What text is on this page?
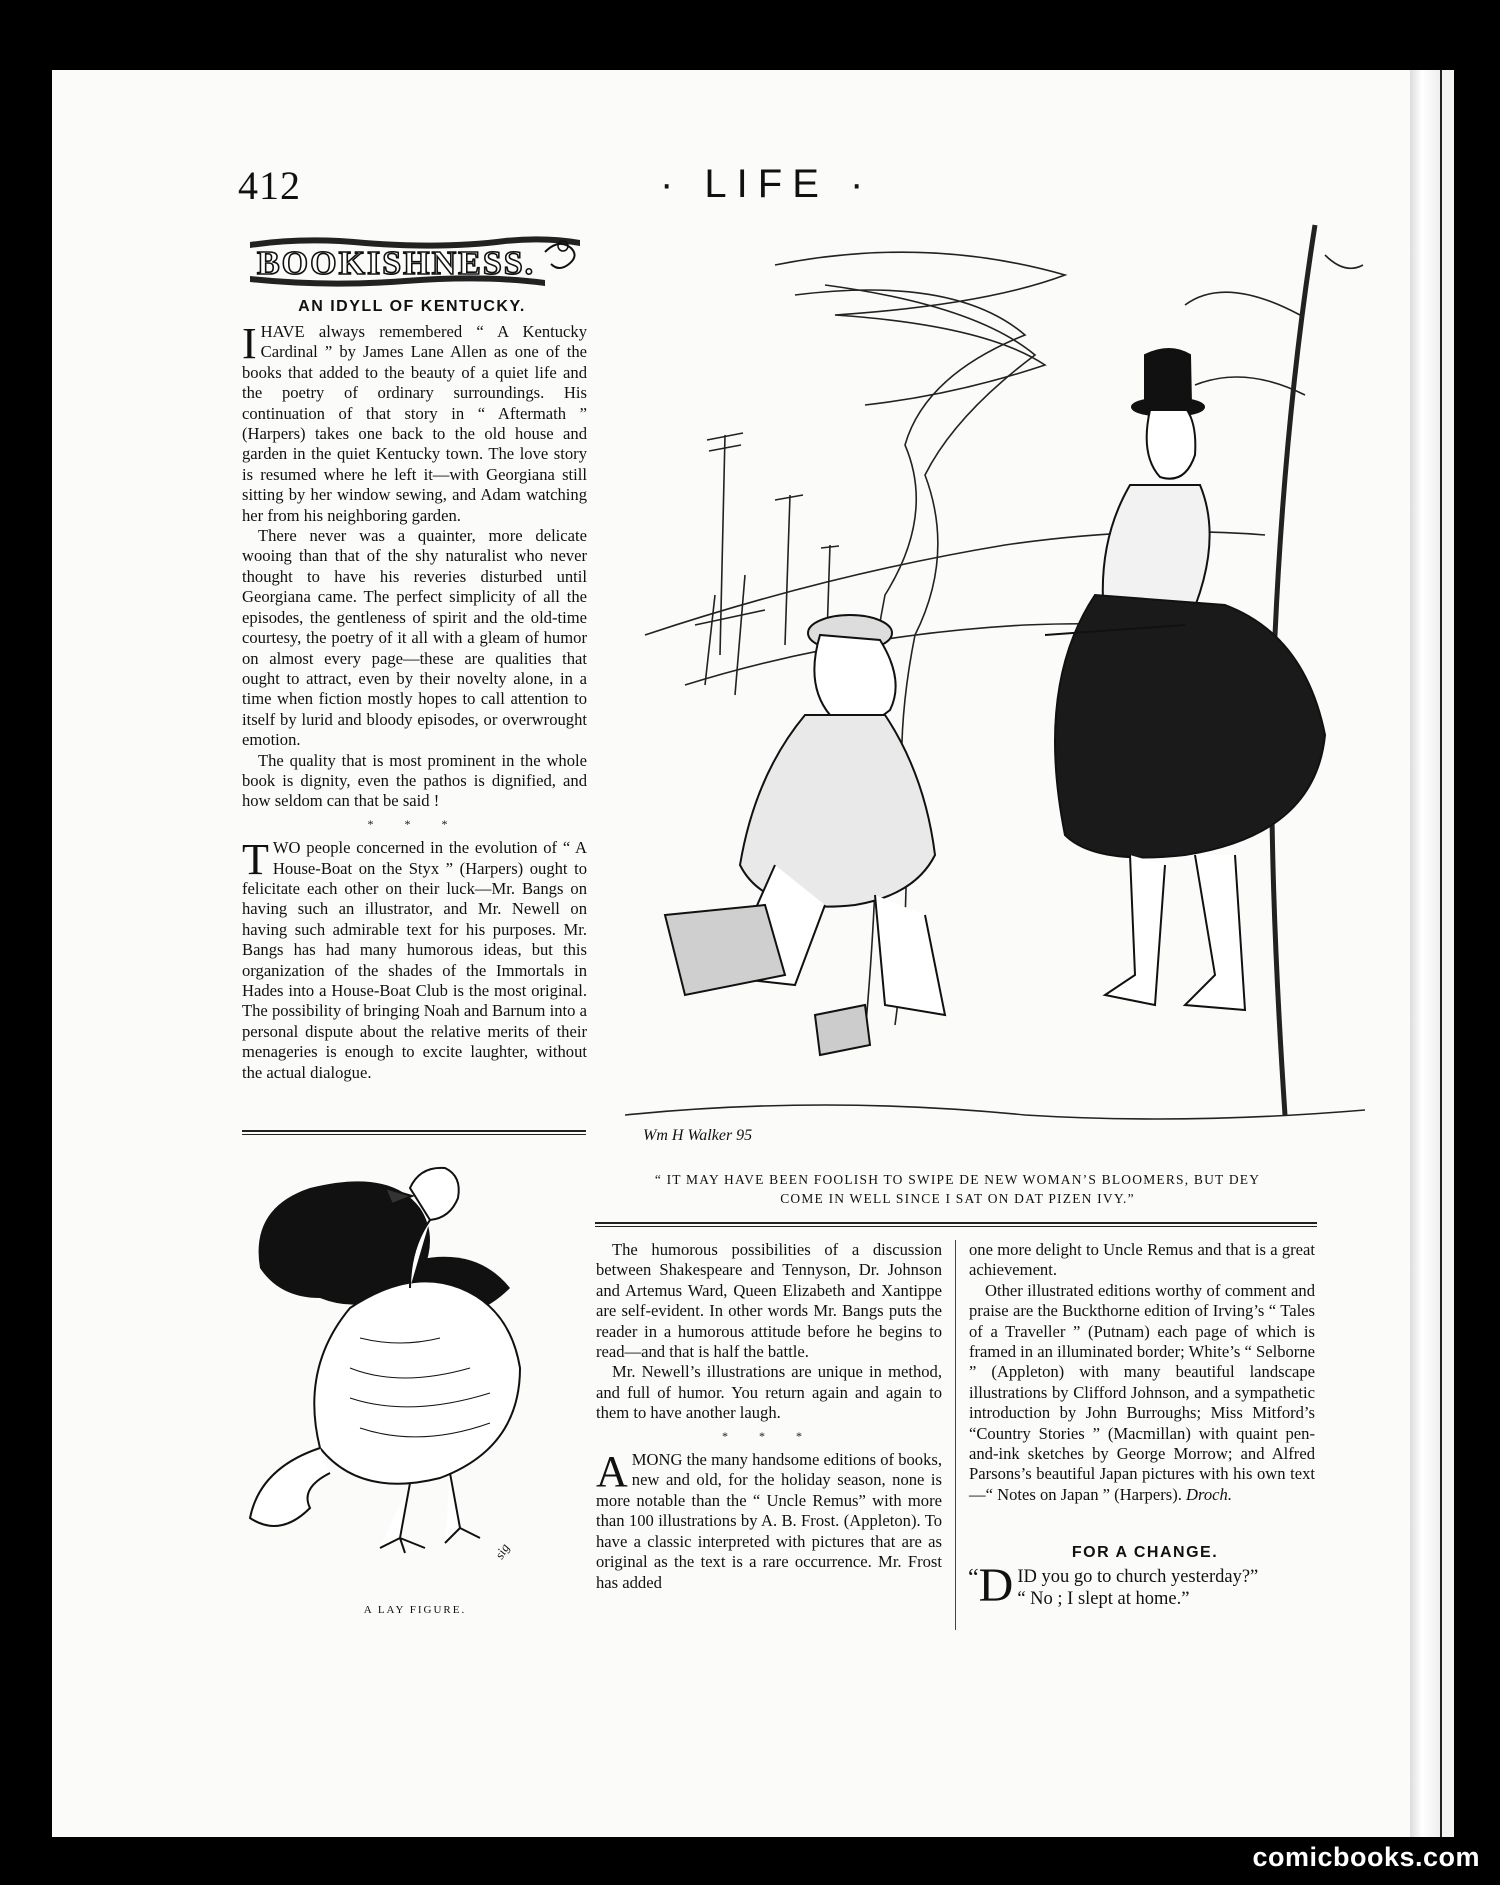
412	· LIFE ·
BOOKISHNESS.
AN IDYLL OF KENTUCKY.

IHAVE always remembered “ A Kentucky Cardinal ” by James Lane Allen as one of the books that added to the beauty of a quiet life and the poetry of ordinary surroundings. His continuation of that story in “ Aftermath ” (Harpers) takes one back to the old house and garden in the quiet Kentucky town. The love story is resumed where he left it—with Georgiana still sitting by her window sewing, and Adam watching her from his neighboring garden.

There never was a quainter, more delicate wooing than that of the shy naturalist who never thought to have his reveries disturbed until Georgiana came. The perfect simplicity of all the episodes, the gentleness of spirit and the old-time courtesy, the poetry of it all with a gleam of humor on almost every page—these are qualities that ought to attract, even by their novelty alone, in a time when fiction mostly hopes to call attention to itself by lurid and bloody episodes, or overwrought emotion.

The quality that is most prominent in the whole book is dignity, even the pathos is dignified, and how seldom can that be said !

* * *

TWO people concerned in the evolution of “ A House-Boat on the Styx ” (Harpers) ought to felicitate each other on their luck—Mr. Bangs on having such an illustrator, and Mr. Newell on having such admirable text for his purposes. Mr. Bangs has had many humorous ideas, but this organization of the shades of the Immortals in Hades into a House-Boat Club is the most original. The possibility of bringing Noah and Barnum into a personal dispute about the relative merits of their menageries is enough to excite laughter, without the actual dialogue.

Wm H Walker 95
“ IT MAY HAVE BEEN FOOLISH TO SWIPE DE NEW WOMAN’S BLOOMERS, BUT DEY
COME IN WELL SINCE I SAT ON DAT PIZEN IVY.”
sig
A LAY FIGURE.

The humorous possibilities of a discussion between Shakespeare and Tennyson, Dr. Johnson and Artemus Ward, Queen Elizabeth and Xantippe are self-evident. In other words Mr. Bangs puts the reader in a humorous attitude before he begins to read—and that is half the battle.

Mr. Newell’s illustrations are unique in method, and full of humor. You return again and again to them to have another laugh.

* * *

AMONG the many handsome editions of books, new and old, for the holiday season, none is more notable than the “ Uncle Remus” with more than 100 illustrations by A. B. Frost. (Appleton). To have a classic interpreted with pictures that are as original as the text is a rare occurrence. Mr. Frost has added

one more delight to Uncle Remus and that is a great achievement.

Other illustrated editions worthy of comment and praise are the Buckthorne edition of Irving’s “ Tales of a Traveller ” (Putnam) each page of which is framed in an illuminated border; White’s “ Selborne ” (Appleton) with many beautiful landscape illustrations by Clifford Johnson, and a sympathetic introduction by John Burroughs; Miss Mitford’s “Country Stories ” (Macmillan) with quaint pen-and-ink sketches by George Morrow; and Alfred Parsons’s beautiful Japan pictures with his own text—“ Notes on Japan ” (Harpers). Droch.

FOR A CHANGE.
“ D ID you go to church yesterday?”
“ No ; I slept at home.”
comicbooks.com
